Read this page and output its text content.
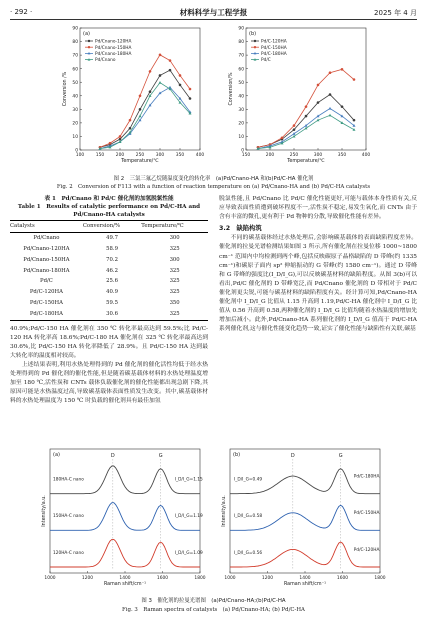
· 292 ·	材料科学与工程学报	2025 年 4 月
0
10
20
30
40
50
60
70
80
90
100	150	200	250	300	350	400
Temperature/℃
Conversion /%
(a)
Pd/Cnano-120HA
Pd/Cnano-150HA
Pd/Cnano-180HA
Pd/Cnano
0
10
20
30
40
50
60
70
80
90
150	200	250	300	350	400
Temperature/℃
Conversion/%
(b)
Pd/C-120HA
Pd/C-150HA
Pd/C-180HA
Pd/C
图 2　三氯三氟乙烷随温度变化的转化率　(a)Pd/Cnano-HA 和(b)Pd/C-HA 催化剂
Fig. 2　Conversion of F113 with a function of reaction temperature on (a) Pd/Cnano-HA and (b) Pd/C-HA catalysts
表 1　Pd/Cnano 和 Pd/C 催化剂的加氢脱氯性能
Table 1　Results of catalytic performance on Pd/C-HA and
Pd/Cnano-HA catalysts
Catalysts	Conversion/%	Temperature/℃
Pd/Cnano	49.7	300
Pd/Cnano-120HA	58.9	325
Pd/Cnano-150HA	70.2	300
Pd/Cnano-180HA	46.2	325
Pd/C	25.6	325
Pd/C-120HA	40.9	325
Pd/C-150HA	59.5	350
Pd/C-180HA	30.6	325

40.9%;Pd/C-150 HA 催化剂在 350 ℃ 转化率最高达到 59.5%;比 Pd/C-120 HA 转化率高 18.6%;Pd/C-180 HA 催化剂在 325 ℃ 转化率最高达到 30.6%,比 Pd/C-150 HA 转化率降低了 28.9%。且 Pd/C-150 HA 达到最大转化率的温度相对较高。

上述结果表明,利用水热处理得到的 Pd 催化剂的催化活性均低于经水热处理得到的 Pd 催化剂的催化性能,但是随着碳基载体材料的水热处理温度增加至 180 ℃,活性炭和 CNTs 载体负载催化剂的催化性能都出现急剧下降,其原因可能是水热温度过高,导致碳基载体表面性质发生改变。其中,碳基载体材料的水热处理温度为 150 ℃ 时负载的催化剂具有最佳加氢

脱氯性能,且 Pd/Cnano 比 Pd/C 催化性能更好,可能与载体本身性质有关,反应导致表面性质遭到破坏程度不一,活性炭不稳定,易发生氧化,而 CNTs 由于含有丰富的微孔,更有利于 Pd 物种的分散,导致催化性能有差异。

3.2　缺陷构筑

不同的碳基载体经过水热处理后,会影响碳基载体的表面缺陷程度差异。催化剂的拉曼光谱检测结果如图 3 所示,所有催化剂在拉曼位移 1000~1800 cm⁻¹ 范围内中均检测到两个峰,包括反映碳原子晶格缺陷的 D 带峰(约 1335 cm⁻¹)和碳原子面内 sp² 伸缩振动的 G 带峰(约 1580 cm⁻¹)。通过 D 带峰和 G 带峰的强度比(I_D/I_G),可以反映碳基材料的缺陷程度。从图 3(b)可以看出,Pd/C 催化剂的 D 带峰宽泛,而 Pd/Cnano 催化剂的 D 带相对于 Pd/C 催化剂更尖锐,可能与碳基材料的缺陷程度有关。经计算可知,Pd/Cnano-HA 催化剂中 I_D/I_G 比值从 1.15 升高到 1.19,Pd/C-HA 催化剂中 I_D/I_G 比值从 0.56 升高到 0.58,两种催化剂的 I_D/I_G 比值均随着水热温度的增加先增加后减小。此外,Pd/Cnano-HA 系列催化剂的 I_D/I_G 值高于 Pd/C-HA 系列催化剂,这与催化性能变化趋势一致,证实了催化性能与缺陷性有关联,碳基

1000	1200	1400	1600	1800
Raman shift/cm⁻¹
Intensity/a.u.
(a)	D	G
180HA-C nano	I_D/I_G=1.15
150HA-C nano	I_D/I_G=1.19
120HA-C nano	I_D/I_G=1.09
1000	1200	1400	1600	1800
Raman shift/cm⁻¹
Intensity/a.u.
(b)	D	G
I_D/I_G=0.49
Pd/C-180HA
I_D/I_G=0.58
Pd/C-150HA
I_D/I_G=0.56
Pd/C-120HA
图 3　催化剂的拉曼光谱图　(a)Pd/Cnano-HA;(b)Pd/C-HA
Fig. 3　Raman spectra of catalysts　(a) Pd/Cnano-HA; (b) Pd/C-HA
